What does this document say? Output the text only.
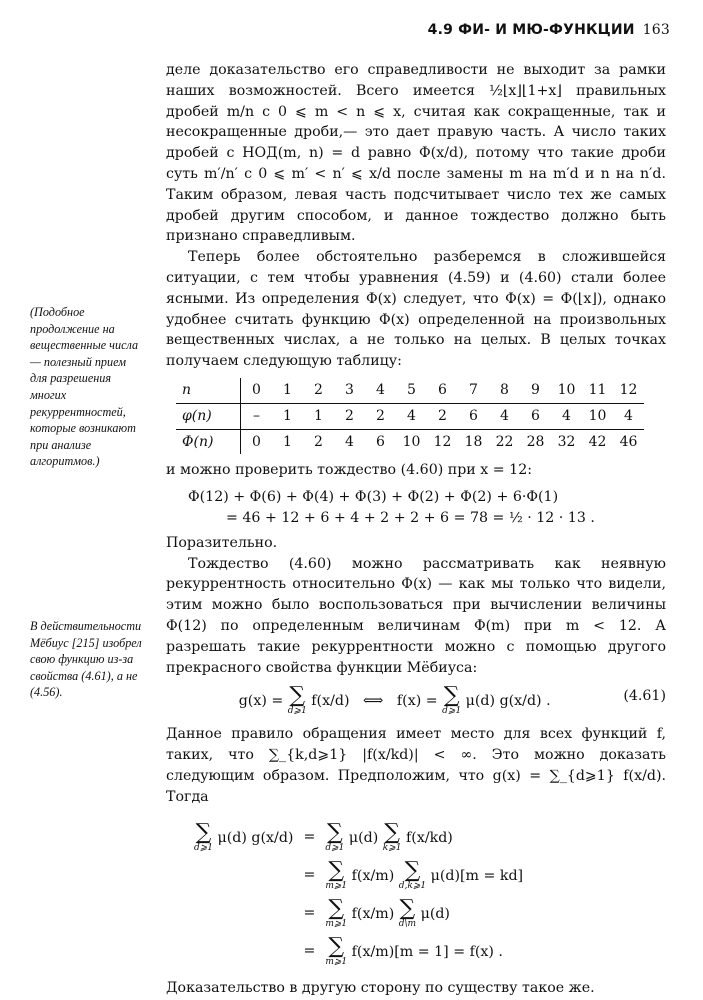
4.9 ФИ- И МЮ-ФУНКЦИИ 163
(Подобное продолжение на вещественные числа — полезный прием для разрешения многих рекуррентностей, которые возникают при анализе алгоритмов.)
В действительности Мёбиус [215] изобрел свою функцию из-за свойства (4.61), а не (4.56).

деле доказательство его справедливости не выходит за рамки наших возможностей. Всего имеется ½⌊x⌋⌊1+x⌋ правильных дробей m/n с 0 ⩽ m < n ⩽ x, считая как сокращенные, так и несокращенные дроби,— это дает правую часть. А число таких дробей с НОД(m, n) = d равно Φ(x/d), потому что такие дроби суть m′/n′ с 0 ⩽ m′ < n′ ⩽ x/d после замены m на m′d и n на n′d. Таким образом, левая часть подсчитывает число тех же самых дробей другим способом, и данное тождество должно быть признано справедливым.

Теперь более обстоятельно разберемся в сложившейся ситуации, с тем чтобы уравнения (4.59) и (4.60) стали более ясными. Из определения Φ(x) следует, что Φ(x) = Φ(⌊x⌋), однако удобнее считать функцию Φ(x) определенной на произвольных вещественных числах, а не только на целых. В целых точках получаем следующую таблицу:

n	0	1	2	3	4	5	6	7	8	9	10	11	12
φ(n)	–	1	1	2	2	4	2	6	4	6	4	10	4
Φ(n)	0	1	2	4	6	10	12	18	22	28	32	42	46

и можно проверить тождество (4.60) при x = 12:

Φ(12) + Φ(6) + Φ(4) + Φ(3) + Φ(2) + Φ(2) + 6·Φ(1)
= 46 + 12 + 6 + 4 + 2 + 2 + 6 = 78 = ½ · 12 · 13 .

Поразительно.

Тождество (4.60) можно рассматривать как неявную рекуррентность относительно Φ(x) — как мы только что видели, этим можно было воспользоваться при вычислении величины Φ(12) по определенным величинам Φ(m) при m < 12. А разрешать такие рекуррентности можно с помощью другого прекрасного свойства функции Мёбиуса:

(4.61)
g(x) = ∑
d⩾1
f(x/d) ⟺ f(x) = ∑
d⩾1
μ(d) g(x/d) .

Данное правило обращения имеет место для всех функций f, таких, что ∑_{k,d⩾1} |f(x/kd)| < ∞. Это можно доказать следующим образом. Предположим, что g(x) = ∑_{d⩾1} f(x/d). Тогда

∑
d⩾1
μ(d) g(x/d)	=	∑
d⩾1
μ(d) ∑
k⩾1
f(x/kd)
	=	∑
m⩾1
f(x/m) ∑
d,k⩾1
μ(d)[m = kd]
	=	∑
m⩾1
f(x/m) ∑
d\m
μ(d)
	=	∑
m⩾1
f(x/m)[m = 1] = f(x) .

Доказательство в другую сторону по существу такое же.
